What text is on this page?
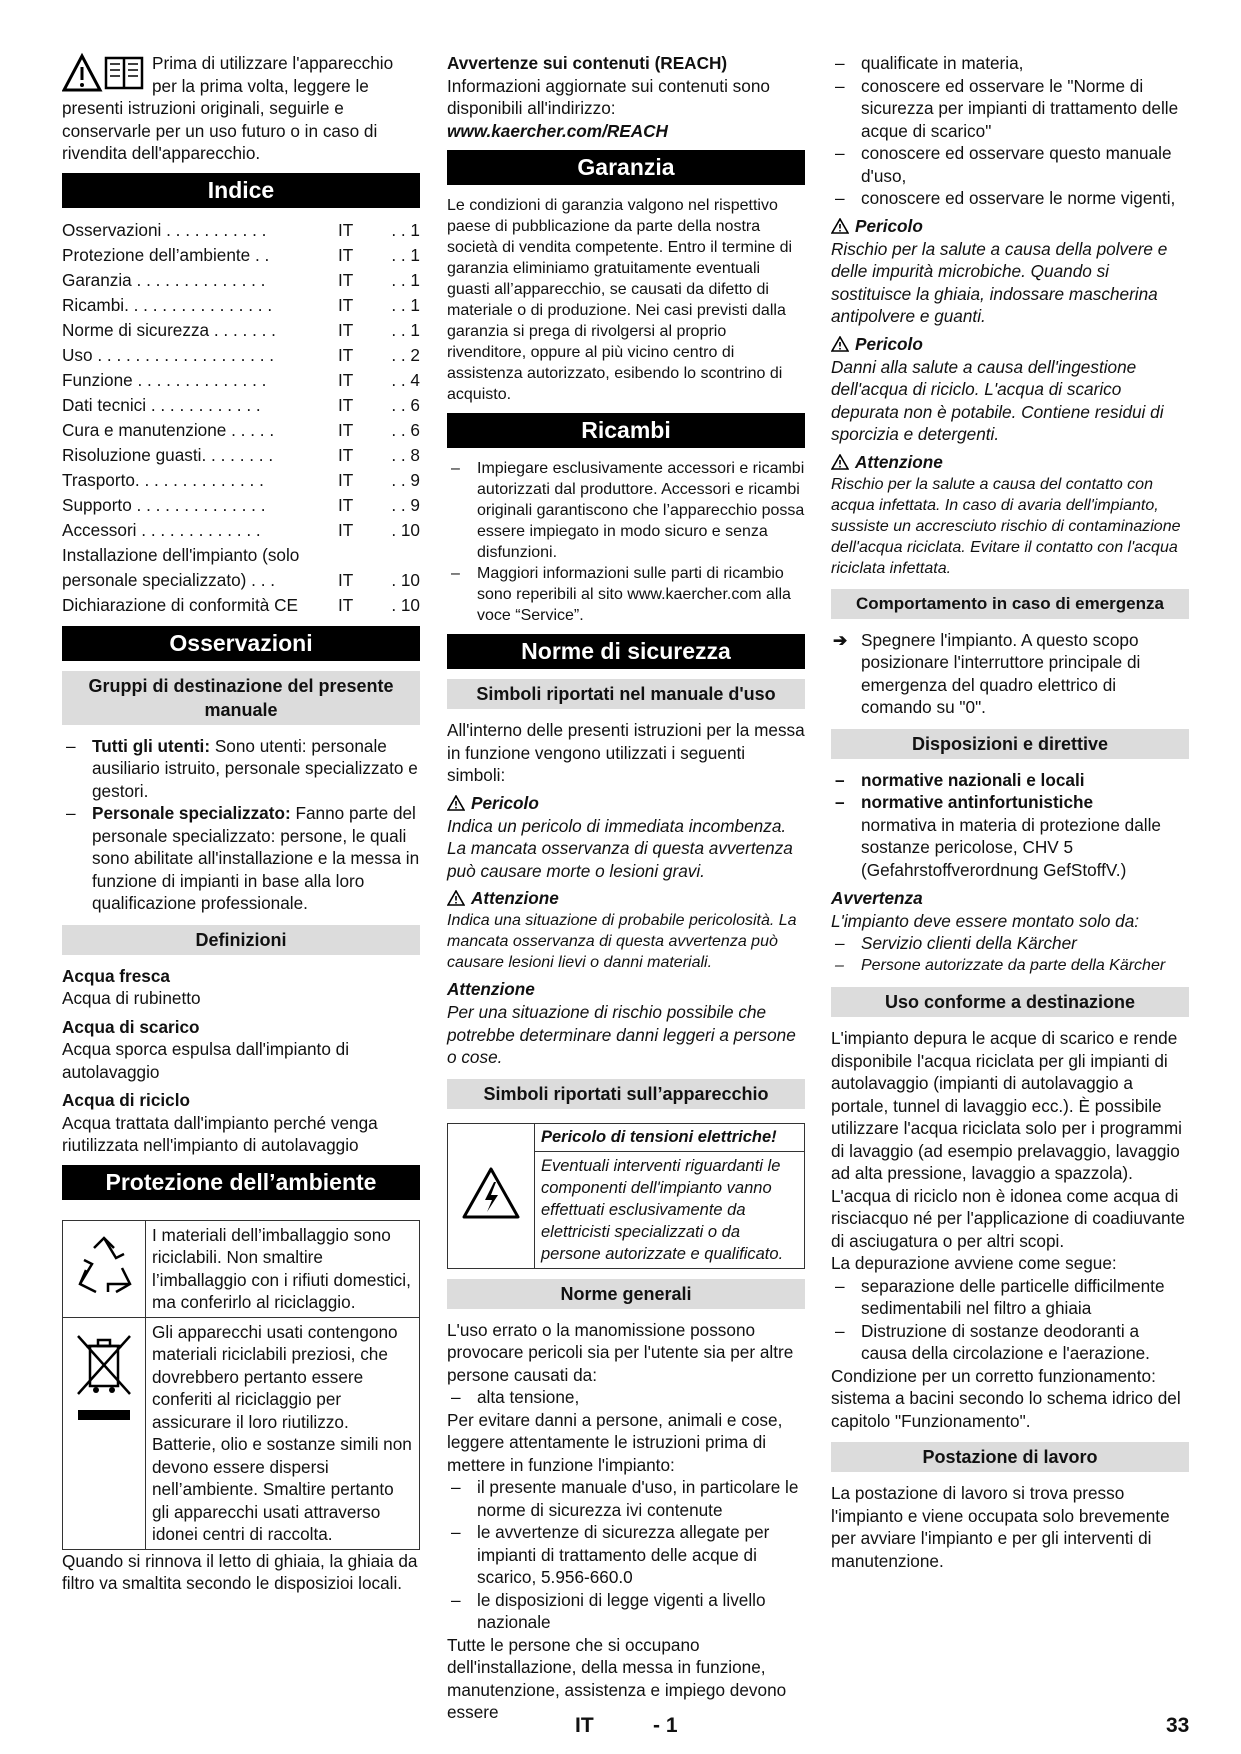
Prima di utilizzare l'apparecchio per la prima volta, leggere le presenti istruzioni originali, seguirle e conservarle per un uso futuro o in caso di rivendita dell'apparecchio.

Indice
Osservazioni . . . . . . . . . . .	IT	. . 1
Protezione dell’ambiente . .	IT	. . 1
Garanzia . . . . . . . . . . . . . .	IT	. . 1
Ricambi. . . . . . . . . . . . . . . .	IT	. . 1
Norme di sicurezza . . . . . . .	IT	. . 1
Uso . . . . . . . . . . . . . . . . . . .	IT	. . 2
Funzione . . . . . . . . . . . . . .	IT	. . 4
Dati tecnici . . . . . . . . . . . .	IT	. . 6
Cura e manutenzione . . . . .	IT	. . 6
Risoluzione guasti. . . . . . . .	IT	. . 8
Trasporto. . . . . . . . . . . . . .	IT	. . 9
Supporto . . . . . . . . . . . . . .	IT	. . 9
Accessori . . . . . . . . . . . . .	IT	. 10
Installazione dell'impianto (solo		
personale specializzato) . . .	IT	. 10
Dichiarazione di conformità CE	IT	. 10
Osservazioni
Gruppi di destinazione del presente manuale
– Tutti gli utenti: Sono utenti: personale ausiliario istruito, personale specializzato e gestori.
– Personale specializzato: Fanno parte del personale specializzato: persone, le quali sono abilitate all'installazione e la messa in funzione di impianti in base alla loro qualificazione professionale.
Definizioni

Acqua fresca

Acqua di rubinetto

Acqua di scarico

Acqua sporca espulsa dall'impianto di autolavaggio

Acqua di riciclo

Acqua trattata dall'impianto perché venga riutilizzata nell'impianto di autolavaggio

Protezione dell’ambiente

I materiali dell’imballaggio sono riciclabili. Non smaltire l’imballaggio con i rifiuti domestici, ma conferirlo al riciclaggio.

Gli apparecchi usati contengono materiali riciclabili preziosi, che dovrebbero pertanto essere conferiti al riciclaggio per assicurare il loro riutilizzo. Batterie, olio e sostanze simili non devono essere dispersi nell’ambiente. Smaltire pertanto gli apparecchi usati attraverso idonei centri di raccolta.

Quando si rinnova il letto di ghiaia, la ghiaia da filtro va smaltita secondo le disposizioi locali.

Avvertenze sui contenuti (REACH)

Informazioni aggiornate sui contenuti sono disponibili all'indirizzo:

www.kaercher.com/REACH

Garanzia

Le condizioni di garanzia valgono nel rispettivo paese di pubblicazione da parte della nostra società di vendita competente. Entro il termine di garanzia eliminiamo gratuitamente eventuali guasti all’apparecchio, se causati da difetto di materiale o di produzione. Nei casi previsti dalla garanzia si prega di rivolgersi al proprio rivenditore, oppure al più vicino centro di assistenza autorizzato, esibendo lo scontrino di acquisto.

Ricambi
– Impiegare esclusivamente accessori e ricambi autorizzati dal produttore. Accessori e ricambi originali garantiscono che l’apparecchio possa essere impiegato in modo sicuro e senza disfunzioni.
– Maggiori informazioni sulle parti di ricambio sono reperibili al sito www.kaercher.com alla voce “Service”.
Norme di sicurezza
Simboli riportati nel manuale d'uso

All'interno delle presenti istruzioni per la messa in funzione vengono utilizzati i seguenti simboli:

Pericolo

Indica un pericolo di immediata incombenza. La mancata osservanza di questa avvertenza può causare morte o lesioni gravi.

Attenzione

Indica una situazione di probabile pericolosità. La mancata osservanza di questa avvertenza può causare lesioni lievi o danni materiali.

Attenzione

Per una situazione di rischio possibile che potrebbe determinare danni leggeri a persone o cose.

Simboli riportati sull’apparecchio
	Pericolo di tensioni elettriche!
Eventuali interventi riguardanti le componenti dell'impianto vanno effettuati esclusivamente da elettricisti specializzati o da persone autorizzate e qualificato.
Norme generali

L'uso errato o la manomissione possono provocare pericoli sia per l'utente sia per altre persone causati da:

– alta tensione,

Per evitare danni a persone, animali e cose, leggere attentamente le istruzioni prima di mettere in funzione l'impianto:

– il presente manuale d'uso, in particolare le norme di sicurezza ivi contenute
– le avvertenze di sicurezza allegate per impianti di trattamento delle acque di scarico, 5.956-660.0
– le disposizioni di legge vigenti a livello nazionale

Tutte le persone che si occupano dell'installazione, della messa in funzione, manutenzione, assistenza e impiego devono essere

– qualificate in materia,
– conoscere ed osservare le "Norme di sicurezza per impianti di trattamento delle acque di scarico"
– conoscere ed osservare questo manuale d'uso,
– conoscere ed osservare le norme vigenti,
Pericolo

Rischio per la salute a causa della polvere e delle impurità microbiche. Quando si sostituisce la ghiaia, indossare mascherina antipolvere e guanti.

Pericolo

Danni alla salute a causa dell'ingestione dell'acqua di riciclo. L'acqua di scarico depurata non è potabile. Contiene residui di sporcizia e detergenti.

Attenzione

Rischio per la salute a causa del contatto con acqua infettata. In caso di avaria dell'impianto, sussiste un accresciuto rischio di contaminazione dell'acqua riciclata. Evitare il contatto con l'acqua riciclata infettata.

Comportamento in caso di emergenza
➔ Spegnere l'impianto. A questo scopo posizionare l'interruttore principale di emergenza del quadro elettrico di comando su "0".
Disposizioni e direttive
– normative nazionali e locali
– normative antinfortunistiche

normativa in materia di protezione dalle sostanze pericolose, CHV 5 (Gefahrstoffverordnung GefStoffV.)

Avvertenza

L'impianto deve essere montato solo da:

– Servizio clienti della Kärcher
– Persone autorizzate da parte della Kärcher
Uso conforme a destinazione

L'impianto depura le acque di scarico e rende disponibile l'acqua riciclata per gli impianti di autolavaggio (impianti di autolavaggio a portale, tunnel di lavaggio ecc.). È possibile utilizzare l'acqua riciclata solo per i programmi di lavaggio (ad esempio prelavaggio, lavaggio ad alta pressione, lavaggio a spazzola). L'acqua di riciclo non è idonea come acqua di risciacquo né per l'applicazione di coadiuvante di asciugatura o per altri scopi.

La depurazione avviene come segue:

– separazione delle particelle difficilmente sedimentabili nel filtro a ghiaia
– Distruzione di sostanze deodoranti a causa della circolazione e l'aerazione.

Condizione per un corretto funzionamento: sistema a bacini secondo lo schema idrico del capitolo "Funzionamento".

Postazione di lavoro

La postazione di lavoro si trova presso l'impianto e viene occupata solo brevemente per avviare l'impianto e per gli interventi di manutenzione.

IT	- 1	33
